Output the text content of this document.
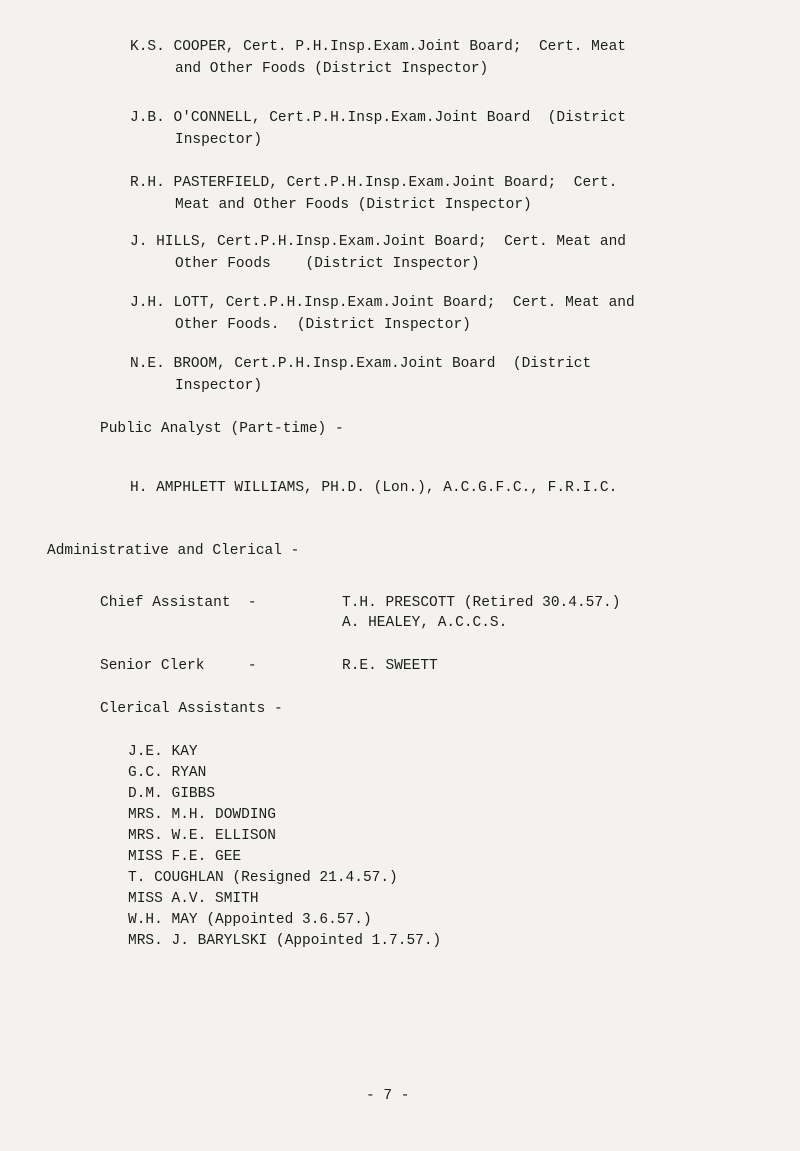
K.S. COOPER, Cert. P.H.Insp.Exam.Joint Board;  Cert. Meat
and Other Foods (District Inspector)
J.B. O'CONNELL, Cert.P.H.Insp.Exam.Joint Board  (District
Inspector)
R.H. PASTERFIELD, Cert.P.H.Insp.Exam.Joint Board;  Cert.
Meat and Other Foods (District Inspector)
J. HILLS, Cert.P.H.Insp.Exam.Joint Board;  Cert. Meat and
Other Foods    (District Inspector)
J.H. LOTT, Cert.P.H.Insp.Exam.Joint Board;  Cert. Meat and
Other Foods.  (District Inspector)
N.E. BROOM, Cert.P.H.Insp.Exam.Joint Board  (District
Inspector)
Public Analyst (Part-time) -
H. AMPHLETT WILLIAMS, PH.D. (Lon.), A.C.G.F.C., F.R.I.C.
Administrative and Clerical -
Chief Assistant  -	T.H. PRESCOTT (Retired 30.4.57.)
A. HEALEY, A.C.C.S.
Senior Clerk     -	R.E. SWEETT
Clerical Assistants -
J.E. KAY
G.C. RYAN
D.M. GIBBS
MRS. M.H. DOWDING
MRS. W.E. ELLISON
MISS F.E. GEE
T. COUGHLAN (Resigned 21.4.57.)
MISS A.V. SMITH
W.H. MAY (Appointed 3.6.57.)
MRS. J. BARYLSKI (Appointed 1.7.57.)
- 7 -
